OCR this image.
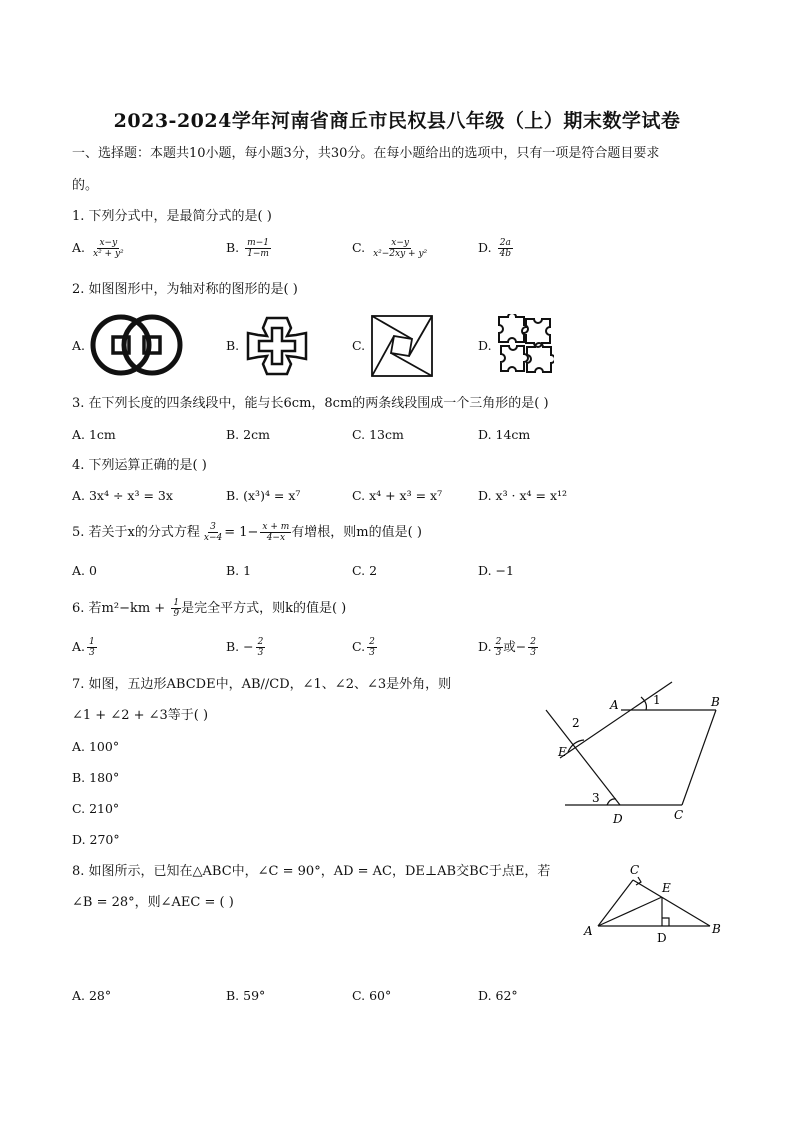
2023-2024学年河南省商丘市民权县八年级（上）期末数学试卷
一、选择题：本题共10小题，每小题3分，共30分。在每小题给出的选项中，只有一项是符合题目要求
的。
1. 下列分式中，是最简分式的是( )
A. $\frac{x-y}{\text{x² + y²}}$	B. $\frac{m-1}{1-m}$	C. $\frac{x-y}{\text{x²−2xy + y²}}$	D. $\frac{2a}{4b}$
2. 如图图形中，为轴对称的图形的是( )
A.	B.	C.	D.
3. 在下列长度的四条线段中，能与长6cm，8cm的两条线段围成一个三角形的是( )
A. 1cm	B. 2cm	C. 13cm	D. 14cm
4. 下列运算正确的是( )
A. 3x⁴ ÷ x³ = 3x	B. (x³)⁴ = x⁷	C. x⁴ + x³ = x⁷	D. x³ · x⁴ = x¹²
5. 若关于x的分式方程 $\frac{3}{x-4} = 1- \frac{x + m}{4-x}$ 有增根，则m的值是( )
A. 0	B. 1	C. 2	D. −1
6. 若$m^2-km + \frac{1}{9}$ 是完全平方式，则k的值是( )
A. $\frac{1}{3}$	B. − $\frac{2}{3}$	C. $\frac{2}{3}$	D. $\frac{2}{3}$ 或− $\frac{2}{3}$
7. 如图，五边形ABCDE中，AB//CD，∠1、∠2、∠3是外角，则
∠1 + ∠2 + ∠3等于( )
A. 100°
B. 180°
C. 210°
D. 270°
A	B
C
D
E
1
2
3
8. 如图所示，已知在△ABC中，∠C = 90°，AD = AC，DE⊥AB交BC于点E，若
∠B = 28°，则∠AEC = ( )
A	B
C
D
E
A. 28°	B. 59°	C. 60°	D. 62°
